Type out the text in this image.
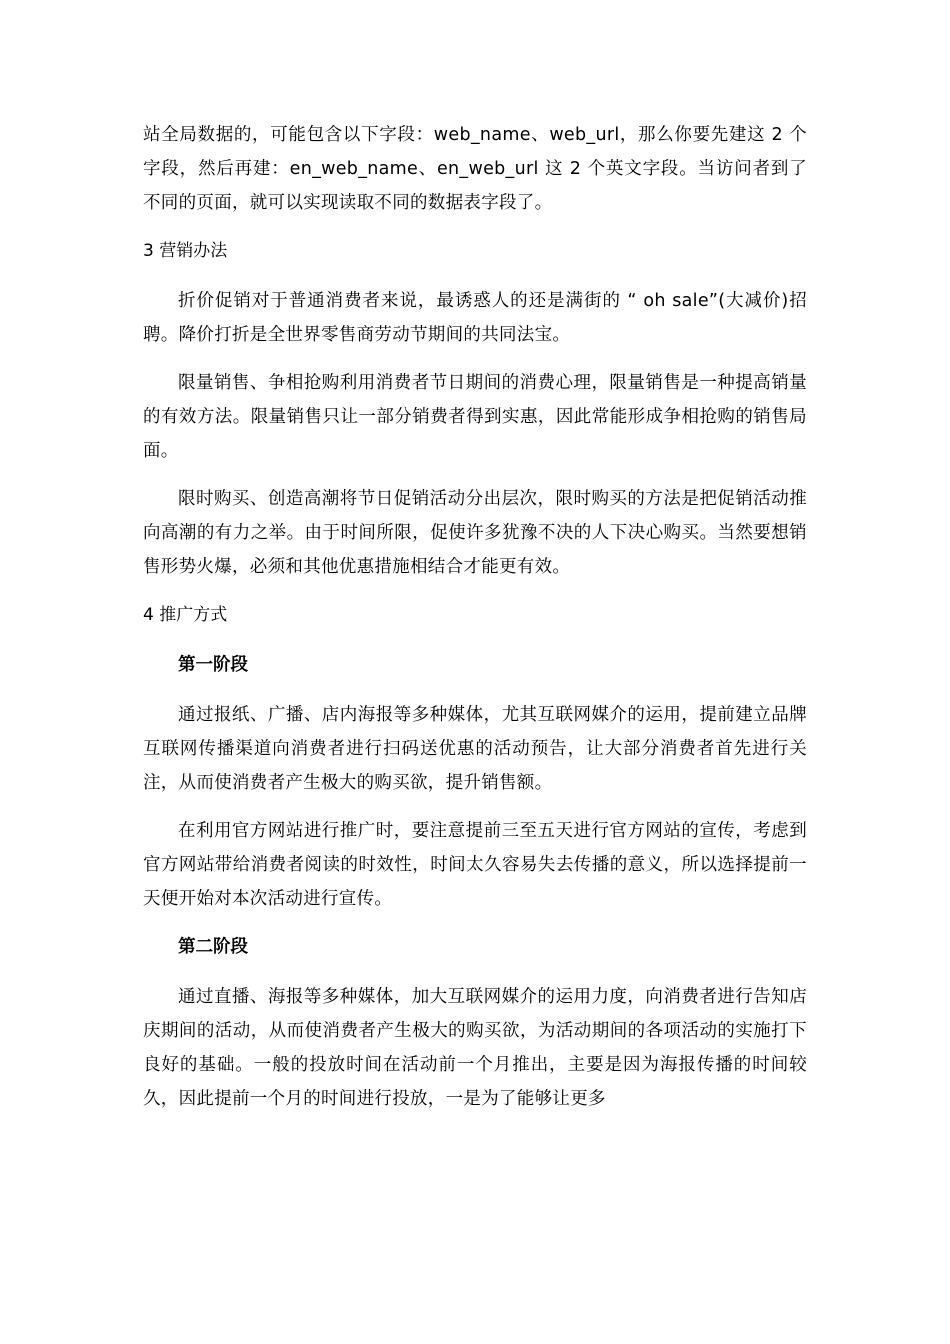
站全局数据的，可能包含以下字段：web_name、web_url，那么你要先建这 2 个字段，然后再建：en_web_name、en_web_url 这 2 个英文字段。当访问者到了不同的页面，就可以实现读取不同的数据表字段了。

3 营销办法

折价促销对于普通消费者来说，最诱惑人的还是满街的 “ oh sale”(大减价)招聘。降价打折是全世界零售商劳动节期间的共同法宝。

限量销售、争相抢购利用消费者节日期间的消费心理，限量销售是一种提高销量的有效方法。限量销售只让一部分销费者得到实惠，因此常能形成争相抢购的销售局面。

限时购买、创造高潮将节日促销活动分出层次，限时购买的方法是把促销活动推向高潮的有力之举。由于时间所限，促使许多犹豫不决的人下决心购买。当然要想销售形势火爆，必须和其他优惠措施相结合才能更有效。

4 推广方式

第一阶段

通过报纸、广播、店内海报等多种媒体，尤其互联网媒介的运用，提前建立品牌互联网传播渠道向消费者进行扫码送优惠的活动预告，让大部分消费者首先进行关注，从而使消费者产生极大的购买欲，提升销售额。

在利用官方网站进行推广时，要注意提前三至五天进行官方网站的宣传，考虑到官方网站带给消费者阅读的时效性，时间太久容易失去传播的意义，所以选择提前一天便开始对本次活动进行宣传。

第二阶段

通过直播、海报等多种媒体，加大互联网媒介的运用力度，向消费者进行告知店庆期间的活动，从而使消费者产生极大的购买欲，为活动期间的各项活动的实施打下良好的基础。一般的投放时间在活动前一个月推出，主要是因为海报传播的时间较久，因此提前一个月的时间进行投放，一是为了能够让更多
